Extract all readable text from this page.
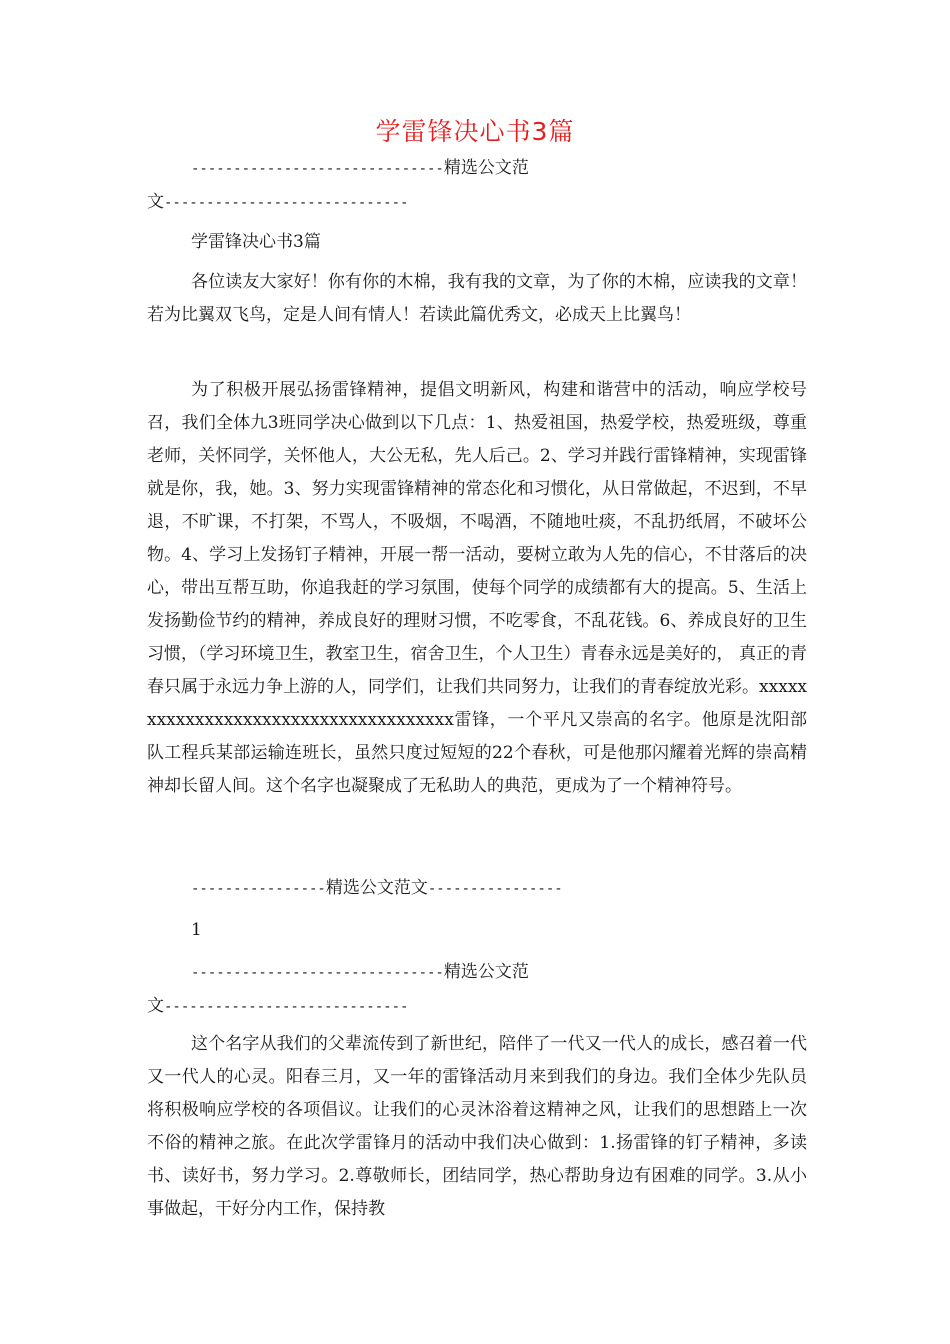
学雷锋决心书3篇
------------------------------精选公文范
文-----------------------------
学雷锋决心书3篇
各位读友大家好！你有你的木棉，我有我的文章，为了你的木棉，应读我的文章！若为比翼双飞鸟，定是人间有情人！若读此篇优秀文，必成天上比翼鸟！
为了积极开展弘扬雷锋精神，提倡文明新风，构建和谐营中的活动，响应学校号召，我们全体九3班同学决心做到以下几点：1、热爱祖国，热爱学校，热爱班级，尊重老师，关怀同学，关怀他人，大公无私，先人后己。2、学习并践行雷锋精神，实现雷锋就是你，我，她。3、努力实现雷锋精神的常态化和习惯化，从日常做起，不迟到，不早退，不旷课，不打架，不骂人，不吸烟，不喝酒，不随地吐痰，不乱扔纸屑，不破坏公物。4、学习上发扬钉子精神，开展一帮一活动，要树立敢为人先的信心，不甘落后的决心，带出互帮互助，你追我赶的学习氛围，使每个同学的成绩都有大的提高。5、生活上发扬勤俭节约的精神，养成良好的理财习惯，不吃零食，不乱花钱。6、养成良好的卫生习惯，（学习环境卫生，教室卫生，宿舍卫生，个人卫生）青春永远是美好的， 真正的青春只属于永远力争上游的人，同学们，让我们共同努力，让我们的青春绽放光彩。xxxxxxxxxxxxxxxxxxxxxxxxxxxxxxxxxxxxx雷锋，一个平凡又崇高的名字。他原是沈阳部队工程兵某部运输连班长，虽然只度过短短的22个春秋，可是他那闪耀着光辉的崇高精神却长留人间。这个名字也凝聚成了无私助人的典范，更成为了一个精神符号。
----------------精选公文范文----------------
1
------------------------------精选公文范
文-----------------------------
这个名字从我们的父辈流传到了新世纪，陪伴了一代又一代人的成长，感召着一代又一代人的心灵。阳春三月，又一年的雷锋活动月来到我们的身边。我们全体少先队员将积极响应学校的各项倡议。让我们的心灵沐浴着这精神之风，让我们的思想踏上一次不俗的精神之旅。在此次学雷锋月的活动中我们决心做到：1.扬雷锋的钉子精神，多读书、读好书，努力学习。2.尊敬师长，团结同学，热心帮助身边有困难的同学。3.从小事做起，干好分内工作，保持教
